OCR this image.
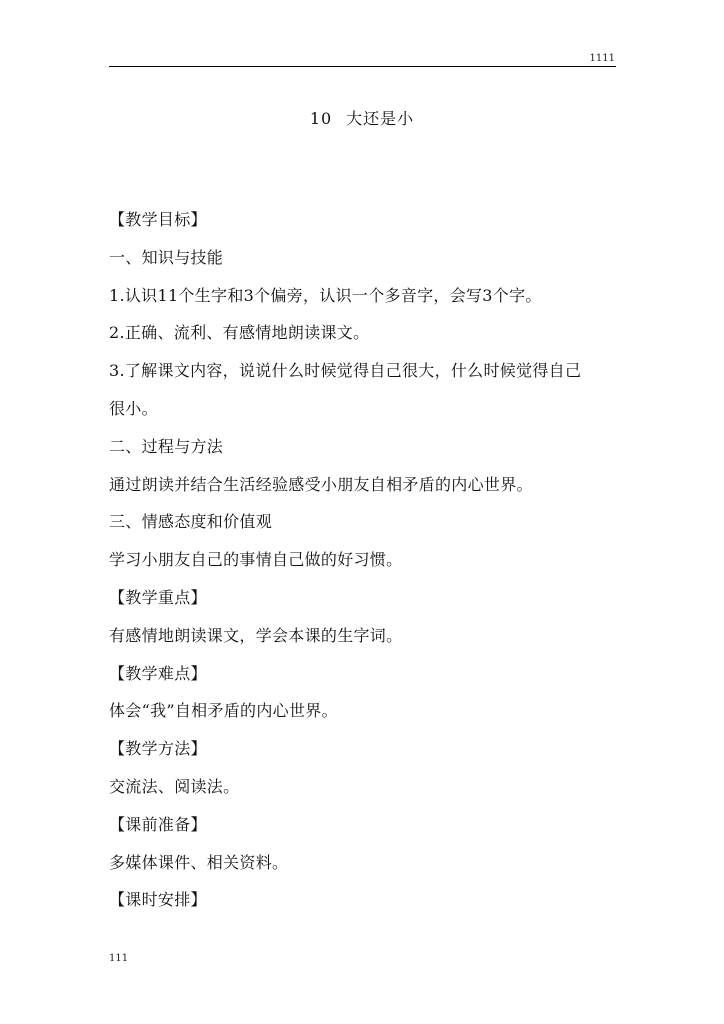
1111
10 大还是小
【教学目标】
一、知识与技能
1.认识11个生字和3个偏旁，认识一个多音字，会写3个字。
2.正确、流利、有感情地朗读课文。
3.了解课文内容，说说什么时候觉得自己很大，什么时候觉得自己
很小。
二、过程与方法
通过朗读并结合生活经验感受小朋友自相矛盾的内心世界。
三、情感态度和价值观
学习小朋友自己的事情自己做的好习惯。
【教学重点】
有感情地朗读课文，学会本课的生字词。
【教学难点】
体会“我”自相矛盾的内心世界。
【教学方法】
交流法、阅读法。
【课前准备】
多媒体课件、相关资料。
【课时安排】
111
